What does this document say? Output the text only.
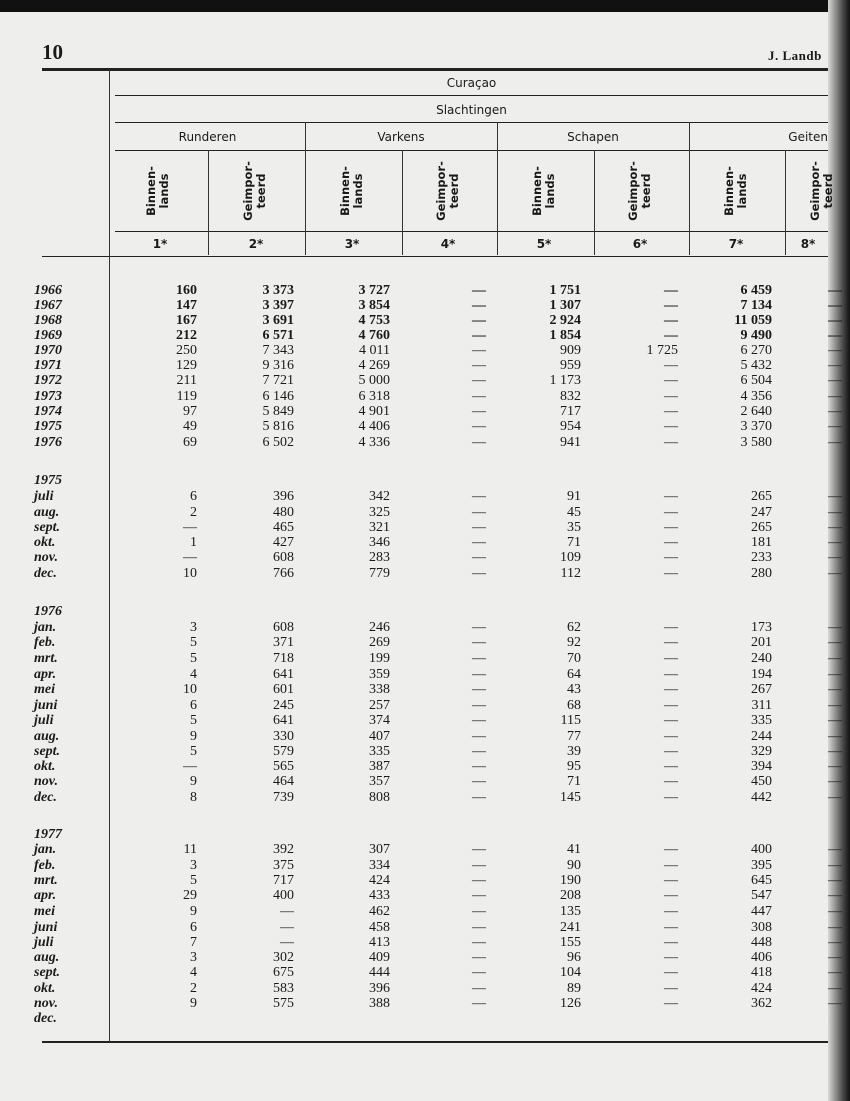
10	J. Landb
Curaçao
Slachtingen
Runderen	Varkens	Schapen	Geiten
Binnen-
lands	Geimpor-
teerd	Binnen-
lands	Geimpor-
teerd	Binnen-
lands	Geimpor-
teerd	Binnen-
lands	Geimpor-
teerd
1*	2*	3*	4*	5*	6*	7*	8*
1966	160	3 373	3 727	—	1 751	—	6 459	—
1967	147	3 397	3 854	—	1 307	—	7 134	—
1968	167	3 691	4 753	—	2 924	—	11 059	—
1969	212	6 571	4 760	—	1 854	—	9 490	—
1970	250	7 343	4 011	—	909	1 725	6 270	—
1971	129	9 316	4 269	—	959	—	5 432	—
1972	211	7 721	5 000	—	1 173	—	6 504	—
1973	119	6 146	6 318	—	832	—	4 356	—
1974	97	5 849	4 901	—	717	—	2 640	—
1975	49	5 816	4 406	—	954	—	3 370	—
1976	69	6 502	4 336	—	941	—	3 580	—
1975
juli	6	396	342	—	91	—	265	—
aug.	2	480	325	—	45	—	247	—
sept.	—	465	321	—	35	—	265	—
okt.	1	427	346	—	71	—	181	—
nov.	—	608	283	—	109	—	233	—
dec.	10	766	779	—	112	—	280	—
1976
jan.	3	608	246	—	62	—	173	—
feb.	5	371	269	—	92	—	201	—
mrt.	5	718	199	—	70	—	240	—
apr.	4	641	359	—	64	—	194	—
mei	10	601	338	—	43	—	267	—
juni	6	245	257	—	68	—	311	—
juli	5	641	374	—	115	—	335	—
aug.	9	330	407	—	77	—	244	—
sept.	5	579	335	—	39	—	329	—
okt.	—	565	387	—	95	—	394	—
nov.	9	464	357	—	71	—	450	—
dec.	8	739	808	—	145	—	442	—
1977
jan.	11	392	307	—	41	—	400	—
feb.	3	375	334	—	90	—	395	—
mrt.	5	717	424	—	190	—	645	—
apr.	29	400	433	—	208	—	547	—
mei	9	—	462	—	135	—	447	—
juni	6	—	458	—	241	—	308	—
juli	7	—	413	—	155	—	448	—
aug.	3	302	409	—	96	—	406	—
sept.	4	675	444	—	104	—	418	—
okt.	2	583	396	—	89	—	424	—
nov.	9	575	388	—	126	—	362	—
dec.
